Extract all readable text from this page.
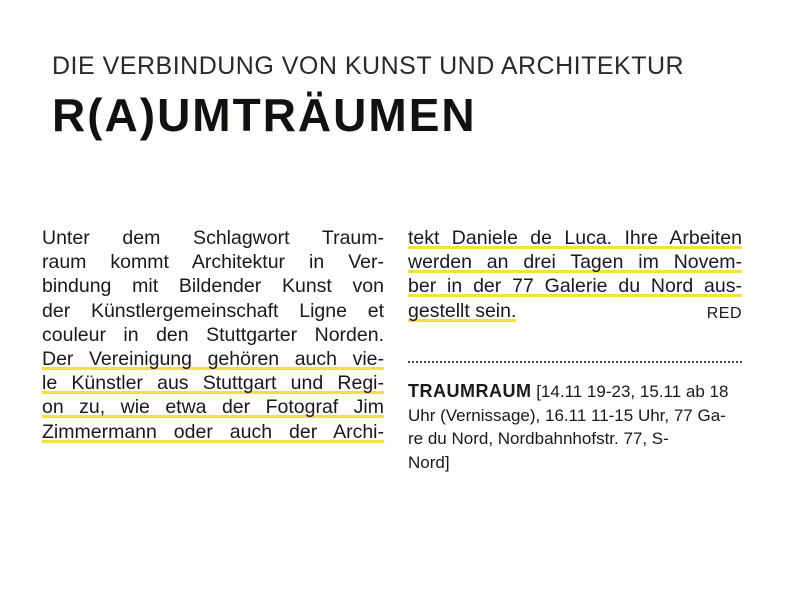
DIE VERBINDUNG VON KUNST UND ARCHITEKTUR
R(A)UMTRÄUMEN
Unter dem Schlagwort Traum-
raum kommt Architektur in Ver-
bindung mit Bildender Kunst von
der Künstlergemeinschaft Ligne et
couleur in den Stuttgarter Norden.
Der Vereinigung gehören auch vie-
le Künstler aus Stuttgart und Regi-
on zu, wie etwa der Fotograf Jim
Zimmermann oder auch der Archi-
tekt Daniele de Luca. Ihre Arbeiten
werden an drei Tagen im Novem-
ber in der 77 Galerie du Nord aus-
gestellt sein.	RED
TRAUMRAUM [14.11 19-23, 15.11 ab 18
Uhr (Vernissage), 16.11 11-15 Uhr, 77 Ga-
re du Nord, Nordbahnhofstr. 77, S-
Nord]
